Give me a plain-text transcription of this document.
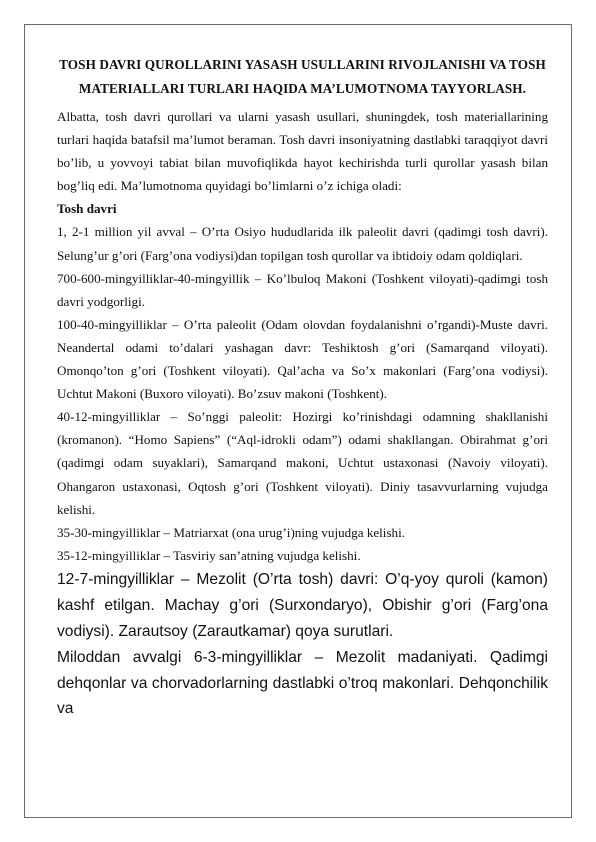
TOSH DAVRI QUROLLARINI YASASH USULLARINI RIVOJLANISHI VA TOSH MATERIALLARI TURLARI HAQIDA MA’LUMOTNOMA TAYYORLASH.

Albatta, tosh davri qurollari va ularni yasash usullari, shuningdek, tosh materiallarining turlari haqida batafsil ma’lumot beraman. Tosh davri insoniyatning dastlabki taraqqiyot davri bo’lib, u yovvoyi tabiat bilan muvofiqlikda hayot kechirishda turli qurollar yasash bilan bog’liq edi. Ma’lumotnoma quyidagi bo’limlarni o’z ichiga oladi:

Tosh davri

1, 2-1 million yil avval – O’rta Osiyo hududlarida ilk paleolit davri (qadimgi tosh davri). Selung’ur g’ori (Farg’ona vodiysi)dan topilgan tosh qurollar va ibtidoiy odam qoldiqlari.

700-600-mingyilliklar-40-mingyillik – Ko’lbuloq Makoni (Toshkent viloyati)-qadimgi tosh davri yodgorligi.

100-40-mingyilliklar – O’rta paleolit (Odam olovdan foydalanishni o’rgandi)-Muste davri. Neandertal odami to’dalari yashagan davr: Teshiktosh g’ori (Samarqand viloyati). Omonqo’ton g’ori (Toshkent viloyati). Qal’acha va So’x makonlari (Farg’ona vodiysi). Uchtut Makoni (Buxoro viloyati). Bo’zsuv makoni (Toshkent).

40-12-mingyilliklar – So’nggi paleolit: Hozirgi ko’rinishdagi odamning shakllanishi (kromanon). “Homo Sapiens” (“Aql-idrokli odam”) odami shakllangan. Obirahmat g’ori (qadimgi odam suyaklari), Samarqand makoni, Uchtut ustaxonasi (Navoiy viloyati). Ohangaron ustaxonasi, Oqtosh g’ori (Toshkent viloyati). Diniy tasavvurlarning vujudga kelishi.

35-30-mingyilliklar – Matriarxat (ona urug’i)ning vujudga kelishi.

35-12-mingyilliklar – Tasviriy san’atning vujudga kelishi.

12-7-mingyilliklar – Mezolit (O’rta tosh) davri: O’q-yoy quroli (kamon) kashf etilgan. Machay g’ori (Surxondaryo), Obishir g’ori (Farg’ona vodiysi). Zarautsoy (Zarautkamar) qoya surutlari.

Miloddan avvalgi 6-3-mingyilliklar – Mezolit madaniyati. Qadimgi dehqonlar va chorvadorlarning dastlabki o’troq makonlari. Dehqonchilik va
